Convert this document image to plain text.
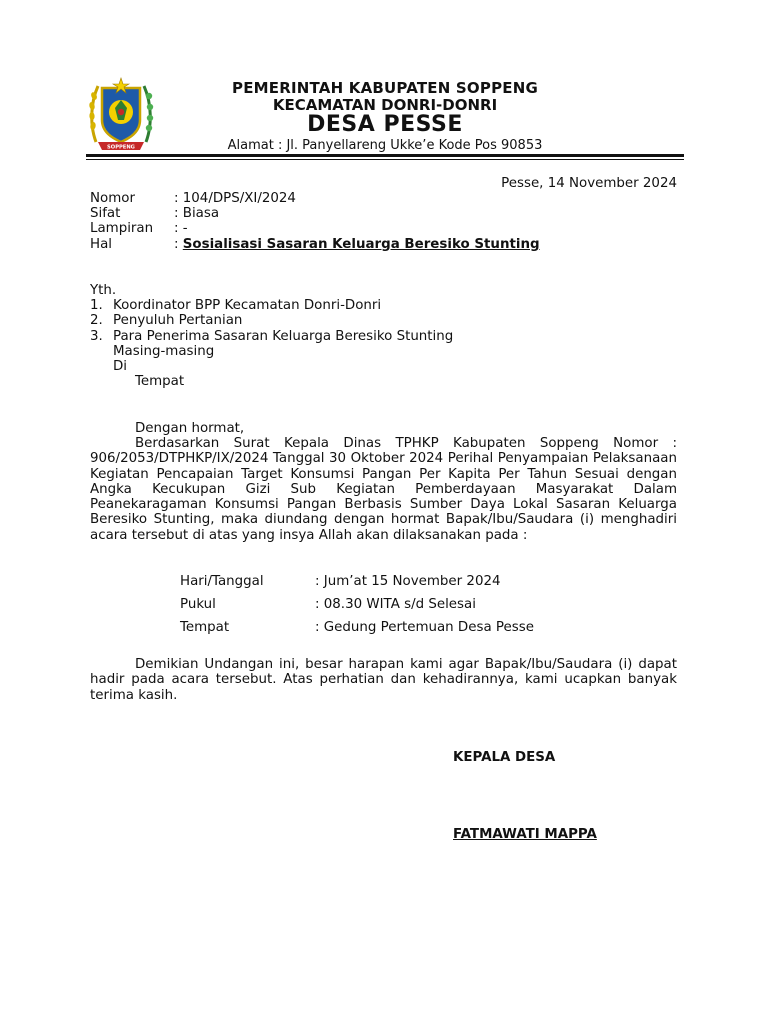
SOPPENG
PEMERINTAH KABUPATEN SOPPENG
KECAMATAN DONRI-DONRI
DESA PESSE
Alamat : Jl. Panyellareng Ukke’e Kode Pos 90853
Pesse, 14 November 2024
Nomor	: 104/DPS/XI/2024
Sifat	: Biasa
Lampiran : -
Hal	: Sosialisasi Sasaran Keluarga Beresiko Stunting
Yth.
1. Koordinator BPP Kecamatan Donri-Donri
2. Penyuluh Pertanian
3. Para Penerima Sasaran Keluarga Beresiko Stunting
Masing-masing
Di
Tempat
Dengan hormat,
Berdasarkan Surat Kepala Dinas TPHKP Kabupaten Soppeng Nomor : 906/2053/DTPHKP/IX/2024 Tanggal 30 Oktober 2024 Perihal Penyampaian Pelaksanaan Kegiatan Pencapaian Target Konsumsi Pangan Per Kapita Per Tahun Sesuai dengan Angka Kecukupan Gizi Sub Kegiatan Pemberdayaan Masyarakat Dalam Peanekaragaman Konsumsi Pangan Berbasis Sumber Daya Lokal Sasaran Keluarga Beresiko Stunting, maka diundang dengan hormat Bapak/Ibu/Saudara (i) menghadiri acara tersebut di atas yang insya Allah akan dilaksanakan pada :
Hari/Tanggal	: Jum’at 15 November 2024
Pukul	: 08.30 WITA s/d Selesai
Tempat	: Gedung Pertemuan Desa Pesse
Demikian Undangan ini, besar harapan kami agar Bapak/Ibu/Saudara (i) dapat hadir pada acara tersebut. Atas perhatian dan kehadirannya, kami ucapkan banyak terima kasih.
KEPALA DESA
FATMAWATI MAPPA
